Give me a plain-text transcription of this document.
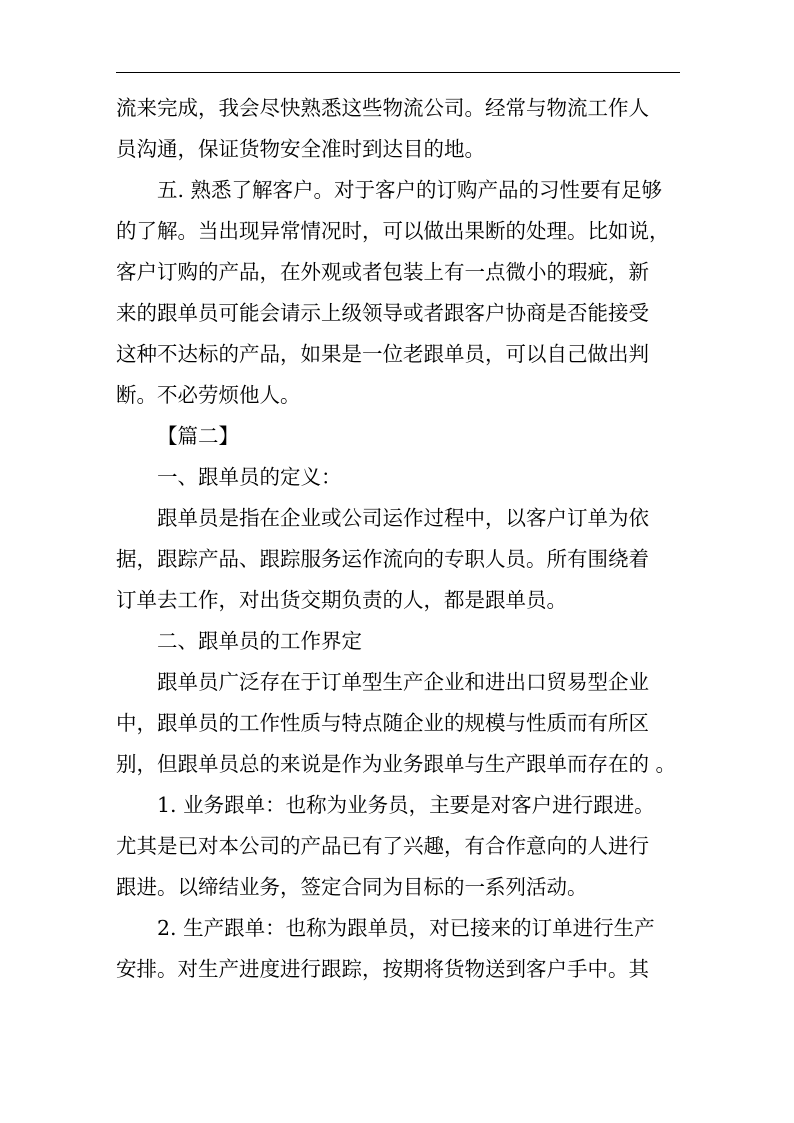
流来完成，我会尽快熟悉这些物流公司。经常与物流工作人

员沟通，保证货物安全准时到达目的地。

五. 熟悉了解客户。对于客户的订购产品的习性要有足够

的了解。当出现异常情况时，可以做出果断的处理。比如说，

客户订购的产品，在外观或者包装上有一点微小的瑕疵，新

来的跟单员可能会请示上级领导或者跟客户协商是否能接受

这种不达标的产品，如果是一位老跟单员，可以自己做出判

断。不必劳烦他人。

【篇二】

一、跟单员的定义：

跟单员是指在企业或公司运作过程中，以客户订单为依

据，跟踪产品、跟踪服务运作流向的专职人员。所有围绕着

订单去工作，对出货交期负责的人，都是跟单员。

二、跟单员的工作界定

跟单员广泛存在于订单型生产企业和进出口贸易型企业

中，跟单员的工作性质与特点随企业的规模与性质而有所区

别，但跟单员总的来说是作为业务跟单与生产跟单而存在的 。

1. 业务跟单：也称为业务员，主要是对客户进行跟进。

尤其是已对本公司的产品已有了兴趣，有合作意向的人进行

跟进。以缔结业务，签定合同为目标的一系列活动。

2. 生产跟单：也称为跟单员，对已接来的订单进行生产

安排。对生产进度进行跟踪，按期将货物送到客户手中。其
